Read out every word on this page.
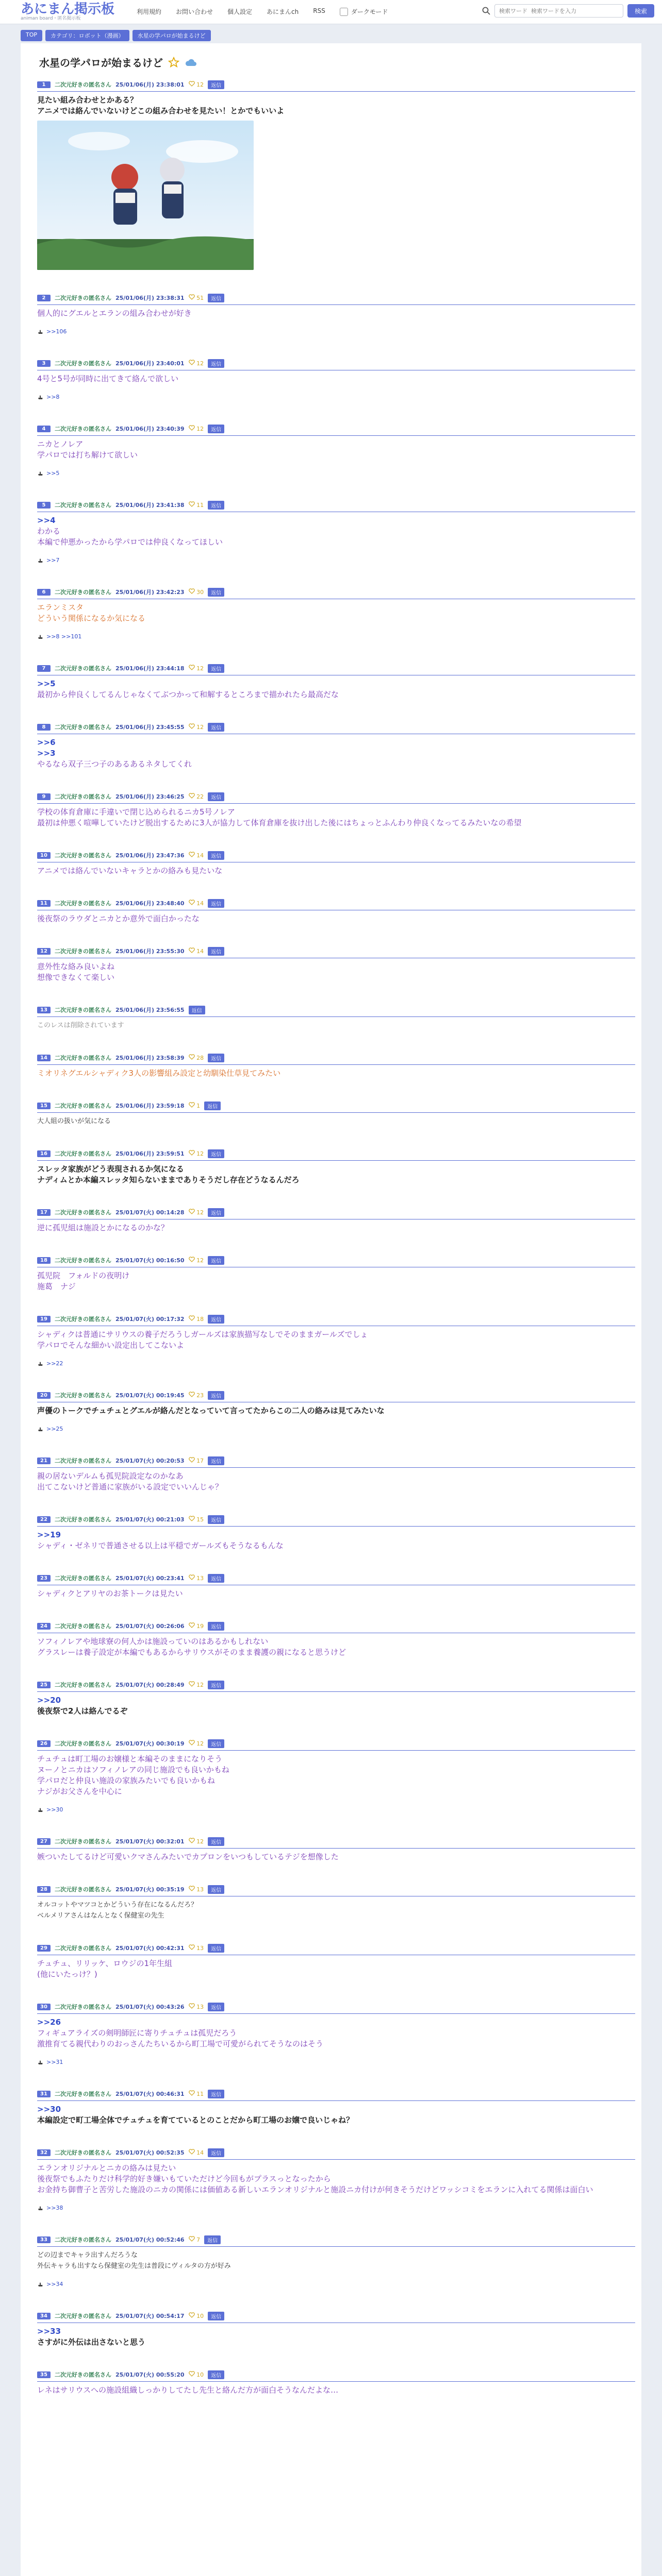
あにまん掲示板
animan board・匿名掲示板
利用規約 お問い合わせ 個人設定 あにまんch RSS	ダークモード
検索ワード 検索ワードを入力	検索
TOP	カテゴリ：ロボット（漫画）	水星の学パロが始まるけど
水星の学パロが始まるけど
1	二次元好きの匿名さん 25/01/06(月) 23:38:01	12	返信
見たい組み合わせとかある？
アニメでは絡んでいないけどこの組み合わせを見たい！とかでもいいよ
2	二次元好きの匿名さん 25/01/06(月) 23:38:31	51	返信
個人的にグエルとエランの組み合わせが好き
>>106
3	二次元好きの匿名さん 25/01/06(月) 23:40:01	12	返信
4号と5号が同時に出てきて絡んで欲しい
>>8
4	二次元好きの匿名さん 25/01/06(月) 23:40:39	12	返信
ニカとノレア
学パロでは打ち解けて欲しい
>>5
5	二次元好きの匿名さん 25/01/06(月) 23:41:38	11	返信
>>4
わかる
本編で仲悪かったから学パロでは仲良くなってほしい
>>7
6	二次元好きの匿名さん 25/01/06(月) 23:42:23	30	返信
エランミスタ
どういう関係になるか気になる
>>8 >>101
7	二次元好きの匿名さん 25/01/06(月) 23:44:18	12	返信
>>5
最初から仲良くしてるんじゃなくてぶつかって和解するところまで描かれたら最高だな
8	二次元好きの匿名さん 25/01/06(月) 23:45:55	12	返信
>>6
>>3
やるなら双子三つ子のあるあるネタしてくれ
9	二次元好きの匿名さん 25/01/06(月) 23:46:25	22	返信
学校の体育倉庫に手違いで閉じ込められるニカ5号ノレア
最初は仲悪く喧嘩していたけど脱出するために3人が協力して体育倉庫を抜け出した後にはちょっとふんわり仲良くなってるみたいなの希望
10	二次元好きの匿名さん 25/01/06(月) 23:47:36	14	返信
アニメでは絡んでいないキャラとかの絡みも見たいな
11	二次元好きの匿名さん 25/01/06(月) 23:48:40	14	返信
後夜祭のラウダとニカとか意外で面白かったな
12	二次元好きの匿名さん 25/01/06(月) 23:55:30	14	返信
意外性な絡み良いよね
想像できなくて楽しい
13	二次元好きの匿名さん 25/01/06(月) 23:56:55	返信
このレスは削除されています
14	二次元好きの匿名さん 25/01/06(月) 23:58:39	28	返信
ミオリネグエルシャディク3人の影響組み設定と幼馴染仕草見てみたい
15	二次元好きの匿名さん 25/01/06(月) 23:59:18	1	返信
大人組の扱いが気になる
16	二次元好きの匿名さん 25/01/06(月) 23:59:51	12	返信
スレッタ家族がどう表現されるか気になる
ナディムとか本編スレッタ知らないままでありそうだし存在どうなるんだろ
17	二次元好きの匿名さん 25/01/07(火) 00:14:28	12	返信
逆に孤児組は施設とかになるのかな？
18	二次元好きの匿名さん 25/01/07(火) 00:16:50	12	返信
孤児院　フォルドの夜明け
施葛　ナジ
19	二次元好きの匿名さん 25/01/07(火) 00:17:32	18	返信
シャディクは普通にサリウスの養子だろうしガールズは家族描写なしでそのままガールズでしょ
学パロでそんな細かい設定出してこないよ
>>22
20	二次元好きの匿名さん 25/01/07(火) 00:19:45	23	返信
声優のトークでチュチュとグエルが絡んだとなっていて言ってたからこの二人の絡みは見てみたいな
>>25
21	二次元好きの匿名さん 25/01/07(火) 00:20:53	17	返信
親の居ないデルムも孤児院設定なのかなあ
出てこないけど普通に家族がいる設定でいいんじゃ？
22	二次元好きの匿名さん 25/01/07(火) 00:21:03	15	返信
>>19
シャディ・ゼネリで普通させる以上は平穏でガールズもそうなるもんな
23	二次元好きの匿名さん 25/01/07(火) 00:23:41	13	返信
シャディクとアリヤのお茶トークは見たい
24	二次元好きの匿名さん 25/01/07(火) 00:26:06	19	返信
ソフィノレアや地球寮の何人かは施設っていのはあるかもしれない
グラスレーは養子設定が本編でもあるからサリウスがそのまま養護の親になると思うけど
25	二次元好きの匿名さん 25/01/07(火) 00:28:49	12	返信
>>20
後夜祭で2人は絡んでるぞ
26	二次元好きの匿名さん 25/01/07(火) 00:30:19	12	返信
チュチュは町工場のお嬢様と本編そのままになりそう
ヌーノとニカはソフィノレアの同じ施設でも良いかもね
学パロだと仲良い施設の家族みたいでも良いかもね
ナジがお父さんを中心に
>>30
27	二次元好きの匿名さん 25/01/07(火) 00:32:01	12	返信
嫉ついたしてるけど可愛いクマさんみたいでカプロンをいつもしているテジを想像した
28	二次元好きの匿名さん 25/01/07(火) 00:35:19	13	返信
オルコットやマツコとかどういう存在になるんだろ？
ベルメリアさんはなんとなく保健室の先生
29	二次元好きの匿名さん 25/01/07(火) 00:42:31	13	返信
チュチュ、リリッケ、ロウジの1年生組
(他にいたっけ？)
30	二次元好きの匿名さん 25/01/07(火) 00:43:26	13	返信
>>26
フィギュアライズの剣明師匠に寄りチュチュは孤児だろう
激推育てる親代わりのおっさんたちいるから町工場で可愛がられてそうなのはそう
>>31
31	二次元好きの匿名さん 25/01/07(火) 00:46:31	11	返信
>>30
本編設定で町工場全体でチュチュを育てているとのことだから町工場のお嬢で良いじゃね？
32	二次元好きの匿名さん 25/01/07(火) 00:52:35	14	返信
エランオリジナルとニカの絡みは見たい
後夜祭でもふたりだけ科学的好き嫌いもていただけど今回もがプラスっとなったから
お金持ち御曹子と苦労した施設のニカの関係には価値ある新しいエランオリジナルと施設ニカ付けが何きそうだけどワッシコミをエランに入れてる関係は面白い
>>38
33	二次元好きの匿名さん 25/01/07(火) 00:52:46	7	返信
どの辺までキャラ出すんだろうな
外伝キャラも出すなら保健室の先生は普段にヴィルタの方が好み
>>34
34	二次元好きの匿名さん 25/01/07(火) 00:54:17	10	返信
>>33
さすがに外伝は出さないと思う
35	二次元好きの匿名さん 25/01/07(火) 00:55:20	10	返信
レネはサリウスへの施設組織しっかりしてたし先生と絡んだ方が面白そうなんだよな…
